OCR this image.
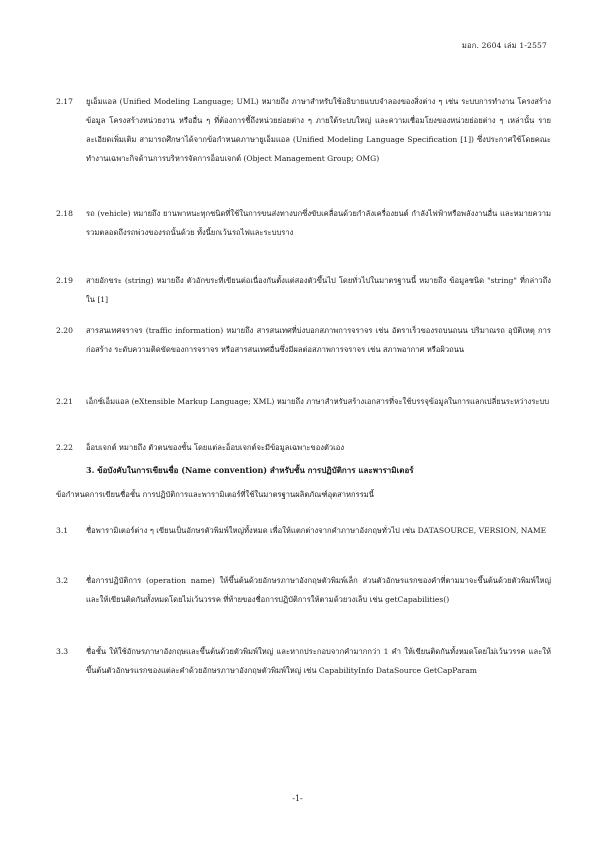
มอก. 2604 เล่ม 1-2557
2.17	ยูเอ็มแอล (Unified Modeling Language; UML) หมายถึง ภาษาสำหรับใช้อธิบายแบบจำลองของสิ่งต่าง ๆ เช่น ระบบการทำงาน โครงสร้างข้อมูล โครงสร้างหน่วยงาน หรืออื่น ๆ ที่ต้องการชี้ถึงหน่วยย่อยต่าง ๆ ภายใต้ระบบใหญ่ และความเชื่อมโยงของหน่วยย่อยต่าง ๆ เหล่านั้น รายละเอียดเพิ่มเติม สามารถศึกษาได้จากข้อกำหนดภาษายูเอ็มแอล (Unified Modeling Language Specification [1]) ซึ่งประกาศใช้โดยคณะทำงานเฉพาะกิจด้านการบริหารจัดการอ็อบเจกต์ (Object Management Group; OMG)
2.18	รถ (vehicle) หมายถึง ยานพาหนะทุกชนิดที่ใช้ในการขนส่งทางบกซึ่งขับเคลื่อนด้วยกำลังเครื่องยนต์ กำลังไฟฟ้าหรือพลังงานอื่น และหมายความรวมตลอดถึงรถพ่วงของรถนั้นด้วย ทั้งนี้ยกเว้นรถไฟและระบบราง
2.19	สายอักขระ (string) หมายถึง ตัวอักขระที่เขียนต่อเนื่องกันตั้งแต่สองตัวขึ้นไป โดยทั่วไปในมาตรฐานนี้ หมายถึง ข้อมูลชนิด "string" ที่กล่าวถึงใน [1]
2.20	สารสนเทศจราจร (traffic information) หมายถึง สารสนเทศที่บ่งบอกสภาพการจราจร เช่น อัตราเร็วของรถบนถนน ปริมาณรถ อุบัติเหตุ การก่อสร้าง ระดับความติดขัดของการจราจร หรือสารสนเทศอื่นซึ่งมีผลต่อสภาพการจราจร เช่น สภาพอากาศ หรือผิวถนน
2.21	เอ็กซ์เอ็มแอล (eXtensible Markup Language; XML) หมายถึง ภาษาสำหรับสร้างเอกสารที่จะใช้บรรจุข้อมูลในการแลกเปลี่ยนระหว่างระบบ
2.22	อ็อบเจกต์ หมายถึง ตัวตนของชั้น โดยแต่ละอ็อบเจกต์จะมีข้อมูลเฉพาะของตัวเอง
3. ข้อบังคับในการเขียนชื่อ (Name convention) สำหรับชั้น การปฏิบัติการ และพารามิเตอร์
ข้อกำหนดการเขียนชื่อชั้น การปฏิบัติการและพารามิเตอร์ที่ใช้ในมาตรฐานผลิตภัณฑ์อุตสาหกรรมนี้
3.1	ชื่อพารามิเตอร์ต่าง ๆ เขียนเป็นอักษรตัวพิมพ์ใหญ่ทั้งหมด เพื่อให้แตกต่างจากคำภาษาอังกฤษทั่วไป เช่น DATASOURCE, VERSION, NAME
3.2	ชื่อการปฏิบัติการ (operation name) ให้ขึ้นต้นด้วยอักษรภาษาอังกฤษตัวพิมพ์เล็ก ส่วนตัวอักษรแรกของคำที่ตามมาจะขึ้นต้นด้วยตัวพิมพ์ใหญ่และให้เขียนติดกันทั้งหมดโดยไม่เว้นวรรค ที่ท้ายของชื่อการปฏิบัติการให้ตามด้วยวงเล็บ เช่น getCapabilities()
3.3	ชื่อชั้น ให้ใช้อักษรภาษาอังกฤษและขึ้นต้นด้วยตัวพิมพ์ใหญ่ และหากประกอบจากคำมากกว่า 1 คำ ให้เขียนติดกันทั้งหมดโดยไม่เว้นวรรค และให้ขึ้นต้นตัวอักษรแรกของแต่ละคำด้วยอักษรภาษาอังกฤษตัวพิมพ์ใหญ่ เช่น CapabilityInfo DataSource GetCapParam
-1-
